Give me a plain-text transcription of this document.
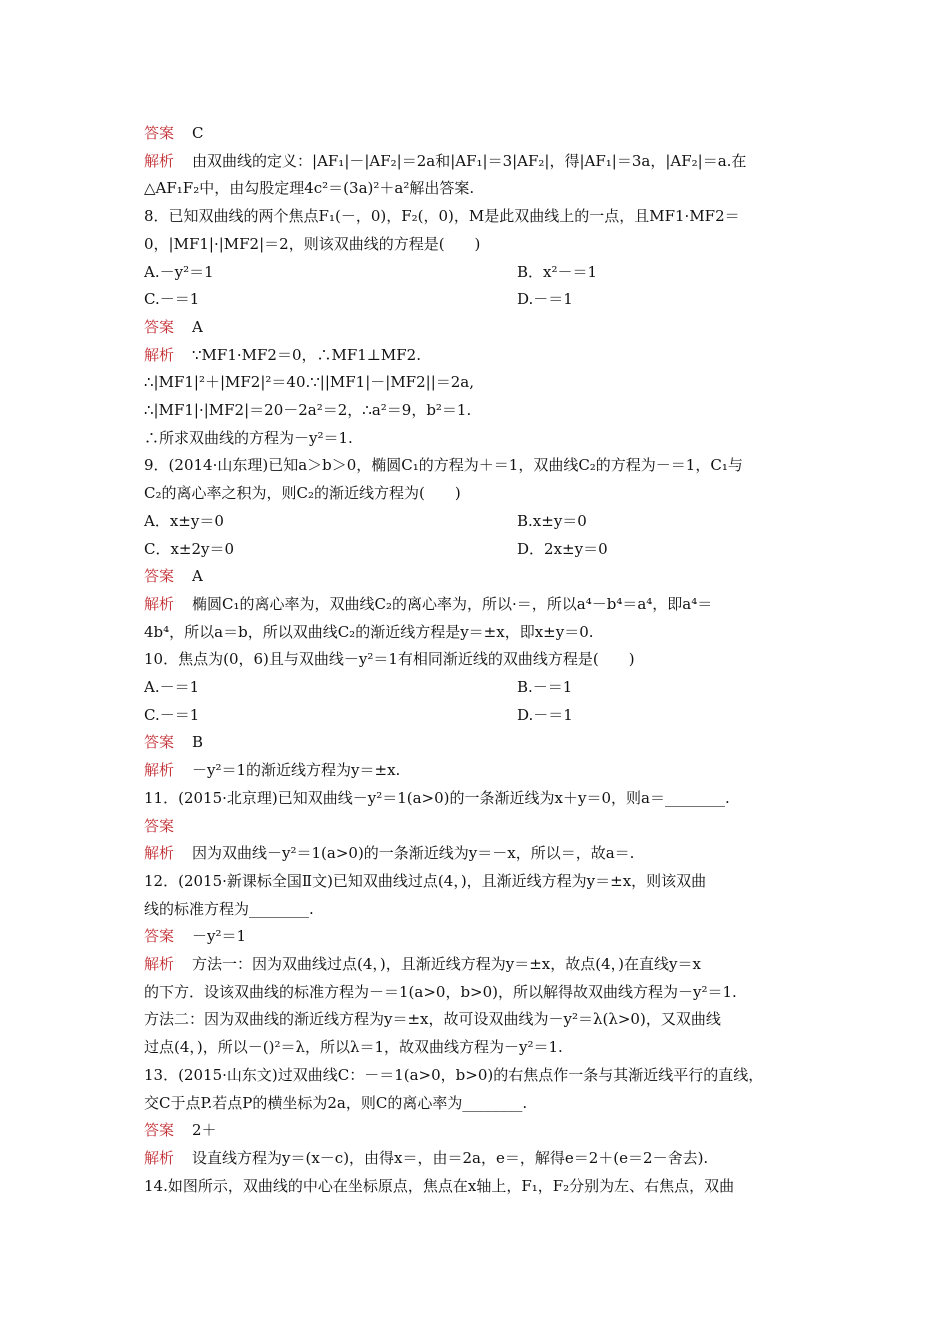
答案 C
解析 由双曲线的定义：|AF₁|－|AF₂|＝2a和|AF₁|＝3|AF₂|，得|AF₁|＝3a，|AF₂|＝a.在
△AF₁F₂中，由勾股定理4c²＝(3a)²＋a²解出答案.
8．已知双曲线的两个焦点F₁(－，0)，F₂(，0)，M是此双曲线上的一点，且MF1·MF2＝
0，|MF1|·|MF2|＝2，则该双曲线的方程是(　　)
A.－y²＝1	B．x²－＝1
C.－＝1	D.－＝1
答案 A
解析 ∵MF1·MF2＝0，∴MF1⊥MF2.
∴|MF1|²＋|MF2|²＝40.∵||MF1|－|MF2||＝2a,
∴|MF1|·|MF2|＝20－2a²＝2，∴a²＝9，b²＝1.
∴所求双曲线的方程为－y²＝1.
9．(2014·山东理)已知a＞b＞0，椭圆C₁的方程为＋＝1，双曲线C₂的方程为－＝1，C₁与
C₂的离心率之积为，则C₂的渐近线方程为(　　)
A．x±y＝0	B.x±y＝0
C．x±2y＝0	D．2x±y＝0
答案 A
解析 椭圆C₁的离心率为，双曲线C₂的离心率为，所以·＝，所以a⁴－b⁴＝a⁴，即a⁴＝
4b⁴，所以a＝b，所以双曲线C₂的渐近线方程是y＝±x，即x±y＝0.
10．焦点为(0，6)且与双曲线－y²＝1有相同渐近线的双曲线方程是(　　)
A.－＝1	B.－＝1
C.－＝1	D.－＝1
答案 B
解析 －y²＝1的渐近线方程为y＝±x.
11．(2015·北京理)已知双曲线－y²＝1(a>0)的一条渐近线为x＋y＝0，则a＝________.
答案
解析 因为双曲线－y²＝1(a>0)的一条渐近线为y＝－x，所以＝，故a＝.
12．(2015·新课标全国Ⅱ文)已知双曲线过点(4，)，且渐近线方程为y＝±x，则该双曲
线的标准方程为________.
答案 －y²＝1
解析 方法一：因为双曲线过点(4，)，且渐近线方程为y＝±x，故点(4，)在直线y＝x
的下方．设该双曲线的标准方程为－＝1(a>0，b>0)，所以解得故双曲线方程为－y²＝1.
方法二：因为双曲线的渐近线方程为y＝±x，故可设双曲线为－y²＝λ(λ>0)，又双曲线
过点(4，)，所以－()²＝λ，所以λ＝1，故双曲线方程为－y²＝1.
13．(2015·山东文)过双曲线C：－＝1(a>0，b>0)的右焦点作一条与其渐近线平行的直线，
交C于点P.若点P的横坐标为2a，则C的离心率为________.
答案 2＋
解析 设直线方程为y＝(x－c)，由得x＝，由＝2a，e＝，解得e＝2＋(e＝2－舍去).
14.如图所示，双曲线的中心在坐标原点，焦点在x轴上，F₁，F₂分别为左、右焦点，双曲
